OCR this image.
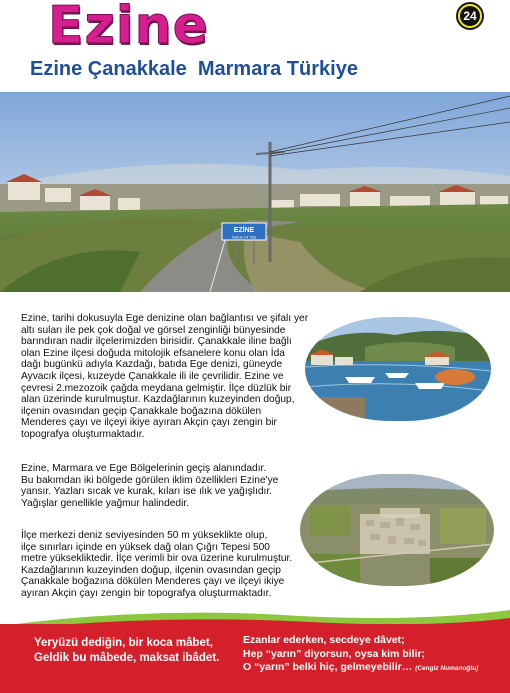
Ezine	24
Ezine Çanakkale  Marmara Türkiye
EZİNE
Nufus 14 763

Ezine, tarihi dokusuyla Ege denizine olan bağlantısı ve şifalı yer
altı suları ile pek çok doğal ve görsel zenginliği bünyesinde
barındıran nadir ilçelerimizden birisidir. Çanakkale iline bağlı
olan Ezine ilçesi doğuda mitolojik efsanelere konu olan İda
dağı bugünkü adıyla Kazdağı, batıda Ege denizi, güneyde
Ayvacık ilçesi, kuzeyde Çanakkale ili ile çevrilidir. Ezine ve
çevresi 2.mezozoik çağda meydana gelmiştir. İlçe düzlük bir
alan üzerinde kurulmuştur. Kazdağlarının kuzeyinden doğup,
ilçenin ovasından geçip Çanakkale boğazına dökülen
Menderes çayı ve ilçeyi ikiye ayıran Akçin çayı zengin bir
topografya oluşturmaktadır.

Ezine, Marmara ve Ege Bölgelerinin geçiş alanındadır.
Bu bakımdan iki bölgede görülen iklim özellikleri Ezine'ye
yansır. Yazları sıcak ve kurak, kıları ise ılık ve yağışlıdır.
Yağışlar genellikle yağmur halindedir.

İlçe merkezi deniz seviyesinden 50 m yükseklikte olup,
ilçe sınırları içinde en yüksek dağ olan Çığrı Tepesi 500
metre yüksekliktedir. İlçe verimli bir ova üzerine kurulmuştur.
Kazdağlarının kuzeyinden doğup, ilçenin ovasından geçip
Çanakkale boğazına dökülen Menderes çayı ve ilçeyi ikiye
ayıran Akçin çayı zengin bir topografya oluşturmaktadır.

Yeryüzü dediğin, bir koca mâbet,
Geldik bu mâbede, maksat ibâdet.
Ezanlar ederken, secdeye dâvet;
Hep “yarın” diyorsun, oysa kim bilir;
O “yarın” belki hiç, gelmeyebilir… (Cengiz Numanoğlu)
